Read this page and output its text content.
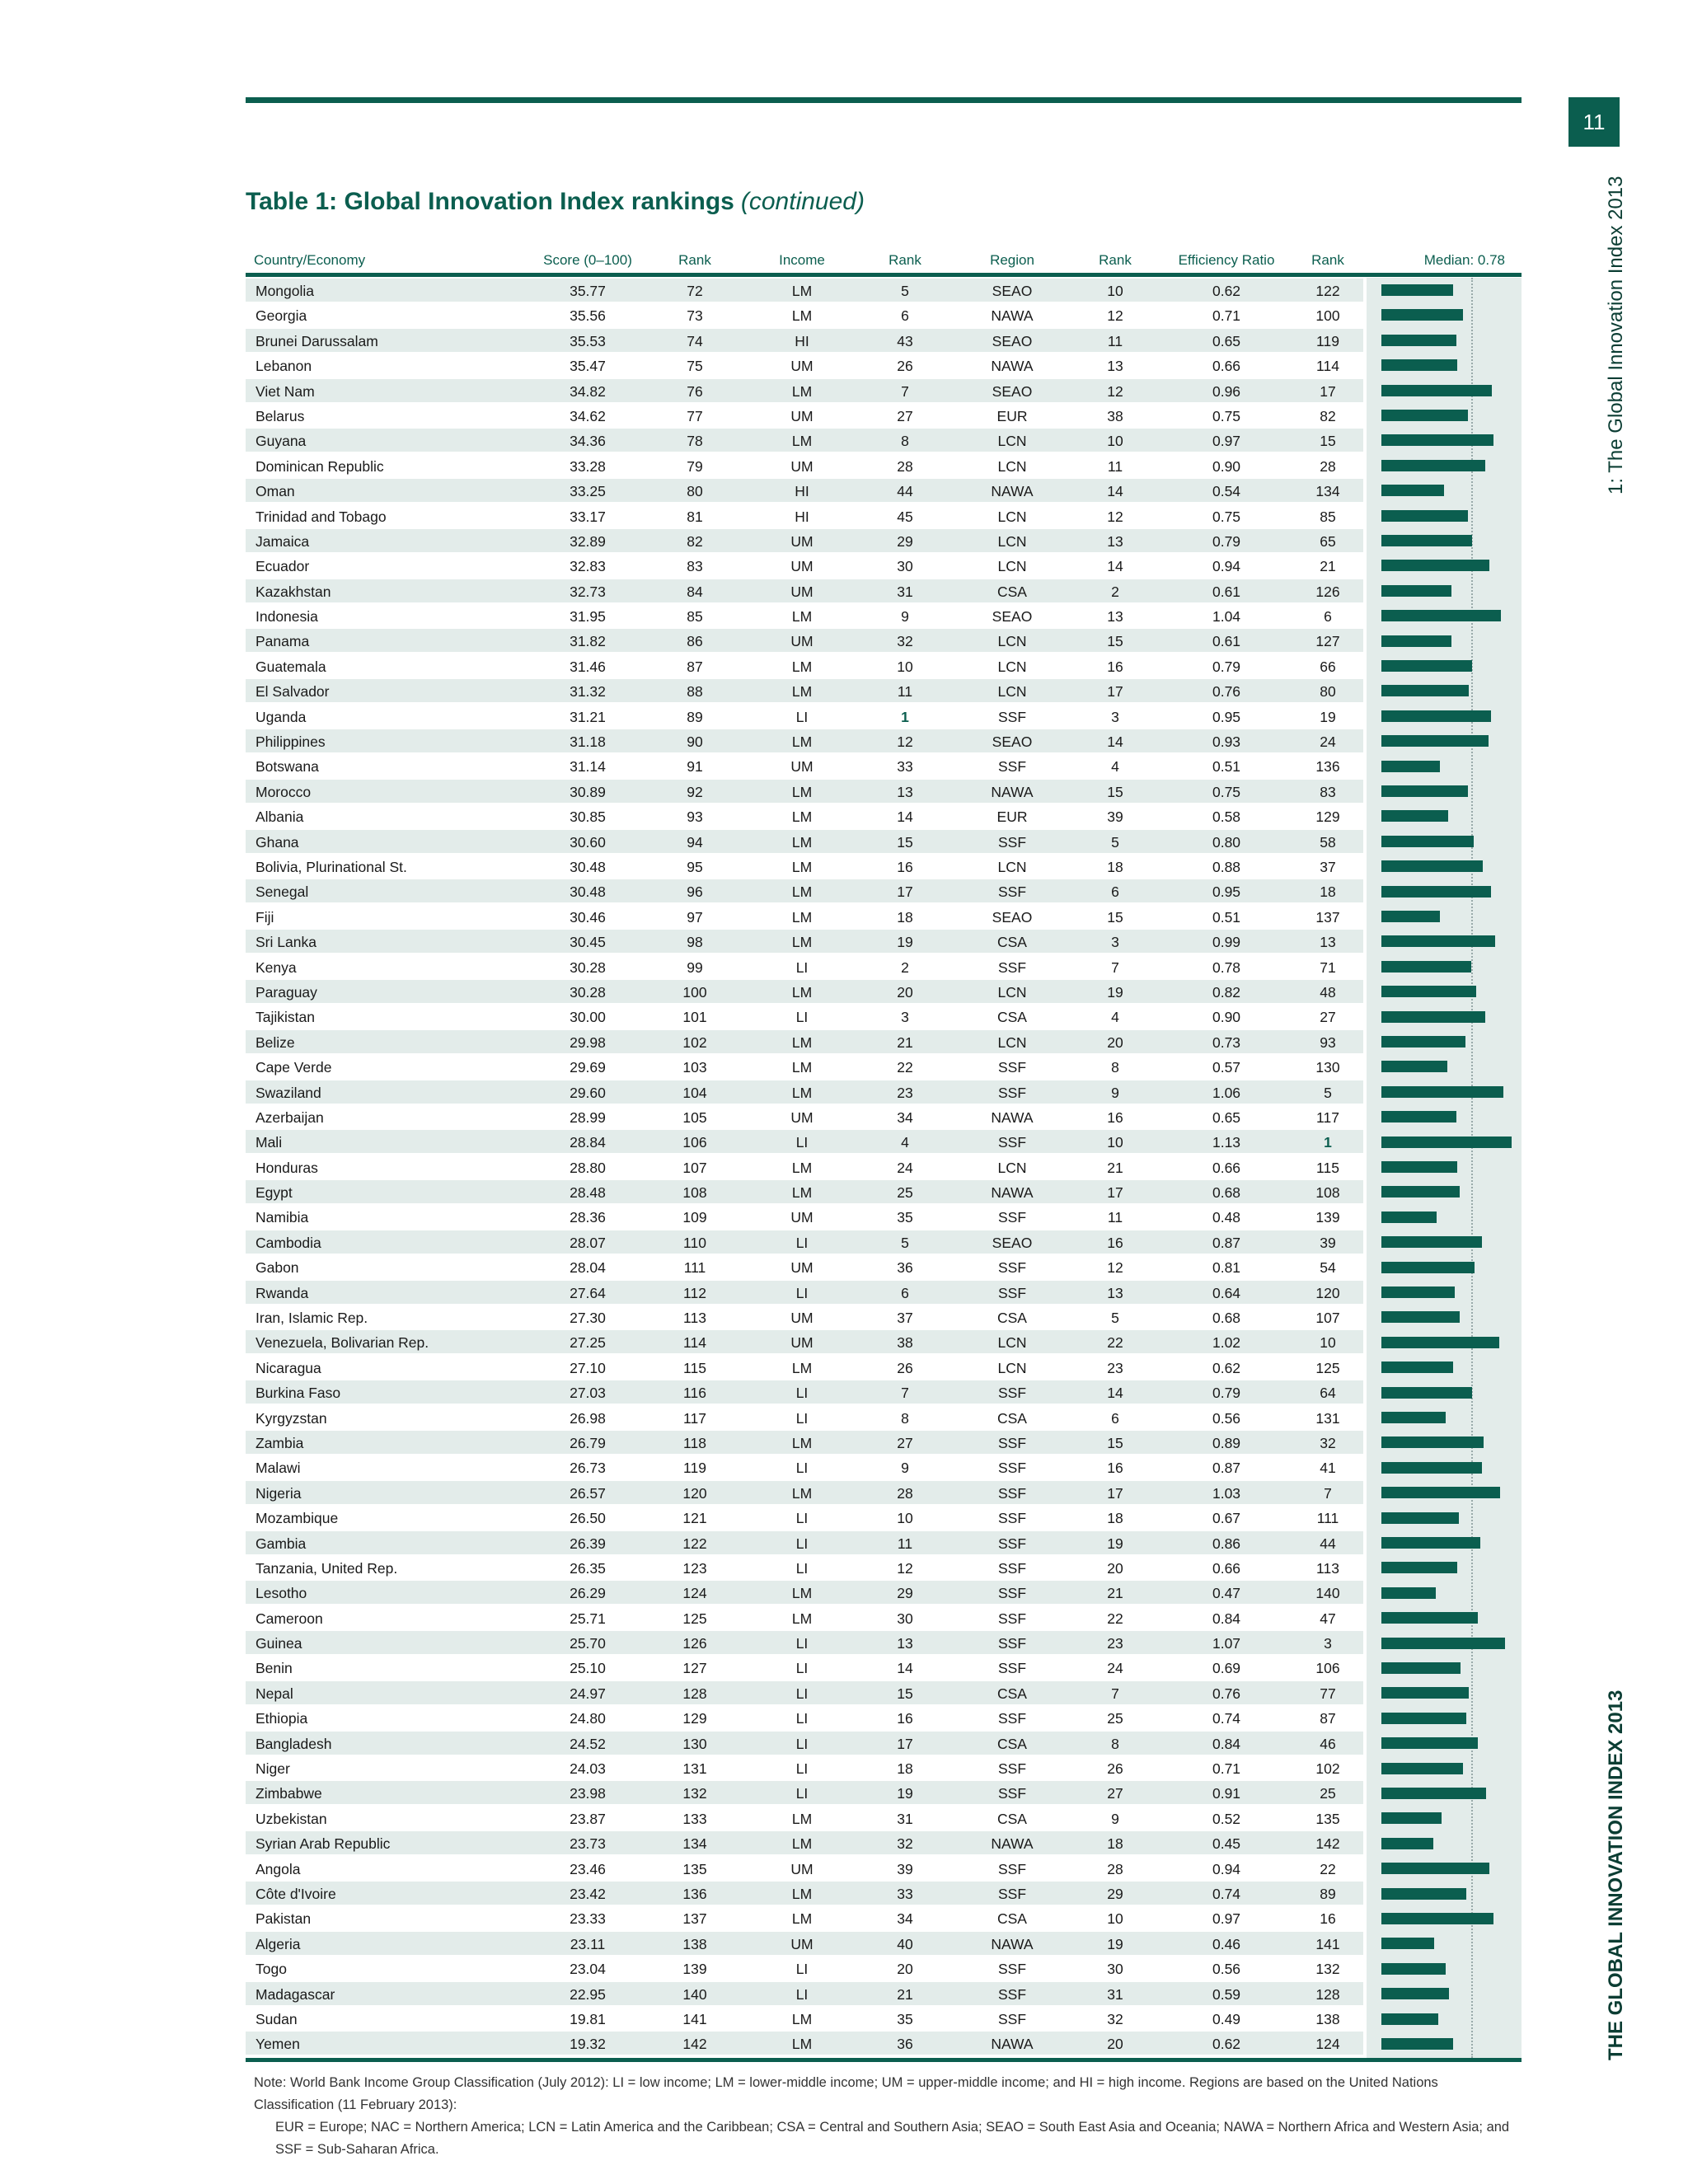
11
1: The Global Innovation Index 2013
THE GLOBAL INNOVATION INDEX 2013
Table 1: Global Innovation Index rankings (continued)
Country/Economy	Score (0–100)	Rank	Income	Rank	Region	Rank	Efficiency Ratio	Rank	Median: 0.78
Mongolia	35.77	72	LM	5	SEAO	10	0.62	122
Georgia	35.56	73	LM	6	NAWA	12	0.71	100
Brunei Darussalam	35.53	74	HI	43	SEAO	11	0.65	119
Lebanon	35.47	75	UM	26	NAWA	13	0.66	114
Viet Nam	34.82	76	LM	7	SEAO	12	0.96	17
Belarus	34.62	77	UM	27	EUR	38	0.75	82
Guyana	34.36	78	LM	8	LCN	10	0.97	15
Dominican Republic	33.28	79	UM	28	LCN	11	0.90	28
Oman	33.25	80	HI	44	NAWA	14	0.54	134
Trinidad and Tobago	33.17	81	HI	45	LCN	12	0.75	85
Jamaica	32.89	82	UM	29	LCN	13	0.79	65
Ecuador	32.83	83	UM	30	LCN	14	0.94	21
Kazakhstan	32.73	84	UM	31	CSA	2	0.61	126
Indonesia	31.95	85	LM	9	SEAO	13	1.04	6
Panama	31.82	86	UM	32	LCN	15	0.61	127
Guatemala	31.46	87	LM	10	LCN	16	0.79	66
El Salvador	31.32	88	LM	11	LCN	17	0.76	80
Uganda	31.21	89	LI	1	SSF	3	0.95	19
Philippines	31.18	90	LM	12	SEAO	14	0.93	24
Botswana	31.14	91	UM	33	SSF	4	0.51	136
Morocco	30.89	92	LM	13	NAWA	15	0.75	83
Albania	30.85	93	LM	14	EUR	39	0.58	129
Ghana	30.60	94	LM	15	SSF	5	0.80	58
Bolivia, Plurinational St.	30.48	95	LM	16	LCN	18	0.88	37
Senegal	30.48	96	LM	17	SSF	6	0.95	18
Fiji	30.46	97	LM	18	SEAO	15	0.51	137
Sri Lanka	30.45	98	LM	19	CSA	3	0.99	13
Kenya	30.28	99	LI	2	SSF	7	0.78	71
Paraguay	30.28	100	LM	20	LCN	19	0.82	48
Tajikistan	30.00	101	LI	3	CSA	4	0.90	27
Belize	29.98	102	LM	21	LCN	20	0.73	93
Cape Verde	29.69	103	LM	22	SSF	8	0.57	130
Swaziland	29.60	104	LM	23	SSF	9	1.06	5
Azerbaijan	28.99	105	UM	34	NAWA	16	0.65	117
Mali	28.84	106	LI	4	SSF	10	1.13	1
Honduras	28.80	107	LM	24	LCN	21	0.66	115
Egypt	28.48	108	LM	25	NAWA	17	0.68	108
Namibia	28.36	109	UM	35	SSF	11	0.48	139
Cambodia	28.07	110	LI	5	SEAO	16	0.87	39
Gabon	28.04	111	UM	36	SSF	12	0.81	54
Rwanda	27.64	112	LI	6	SSF	13	0.64	120
Iran, Islamic Rep.	27.30	113	UM	37	CSA	5	0.68	107
Venezuela, Bolivarian Rep.	27.25	114	UM	38	LCN	22	1.02	10
Nicaragua	27.10	115	LM	26	LCN	23	0.62	125
Burkina Faso	27.03	116	LI	7	SSF	14	0.79	64
Kyrgyzstan	26.98	117	LI	8	CSA	6	0.56	131
Zambia	26.79	118	LM	27	SSF	15	0.89	32
Malawi	26.73	119	LI	9	SSF	16	0.87	41
Nigeria	26.57	120	LM	28	SSF	17	1.03	7
Mozambique	26.50	121	LI	10	SSF	18	0.67	111
Gambia	26.39	122	LI	11	SSF	19	0.86	44
Tanzania, United Rep.	26.35	123	LI	12	SSF	20	0.66	113
Lesotho	26.29	124	LM	29	SSF	21	0.47	140
Cameroon	25.71	125	LM	30	SSF	22	0.84	47
Guinea	25.70	126	LI	13	SSF	23	1.07	3
Benin	25.10	127	LI	14	SSF	24	0.69	106
Nepal	24.97	128	LI	15	CSA	7	0.76	77
Ethiopia	24.80	129	LI	16	SSF	25	0.74	87
Bangladesh	24.52	130	LI	17	CSA	8	0.84	46
Niger	24.03	131	LI	18	SSF	26	0.71	102
Zimbabwe	23.98	132	LI	19	SSF	27	0.91	25
Uzbekistan	23.87	133	LM	31	CSA	9	0.52	135
Syrian Arab Republic	23.73	134	LM	32	NAWA	18	0.45	142
Angola	23.46	135	UM	39	SSF	28	0.94	22
Côte d'Ivoire	23.42	136	LM	33	SSF	29	0.74	89
Pakistan	23.33	137	LM	34	CSA	10	0.97	16
Algeria	23.11	138	UM	40	NAWA	19	0.46	141
Togo	23.04	139	LI	20	SSF	30	0.56	132
Madagascar	22.95	140	LI	21	SSF	31	0.59	128
Sudan	19.81	141	LM	35	SSF	32	0.49	138
Yemen	19.32	142	LM	36	NAWA	20	0.62	124
Note: World Bank Income Group Classification (July 2012): LI = low income; LM = lower-middle income; UM = upper-middle income; and HI = high income. Regions are based on the United Nations Classification (11 February 2013):
EUR = Europe; NAC = Northern America; LCN = Latin America and the Caribbean; CSA = Central and Southern Asia; SEAO = South East Asia and Oceania; NAWA = Northern Africa and Western Asia; and SSF = Sub-Saharan Africa.
